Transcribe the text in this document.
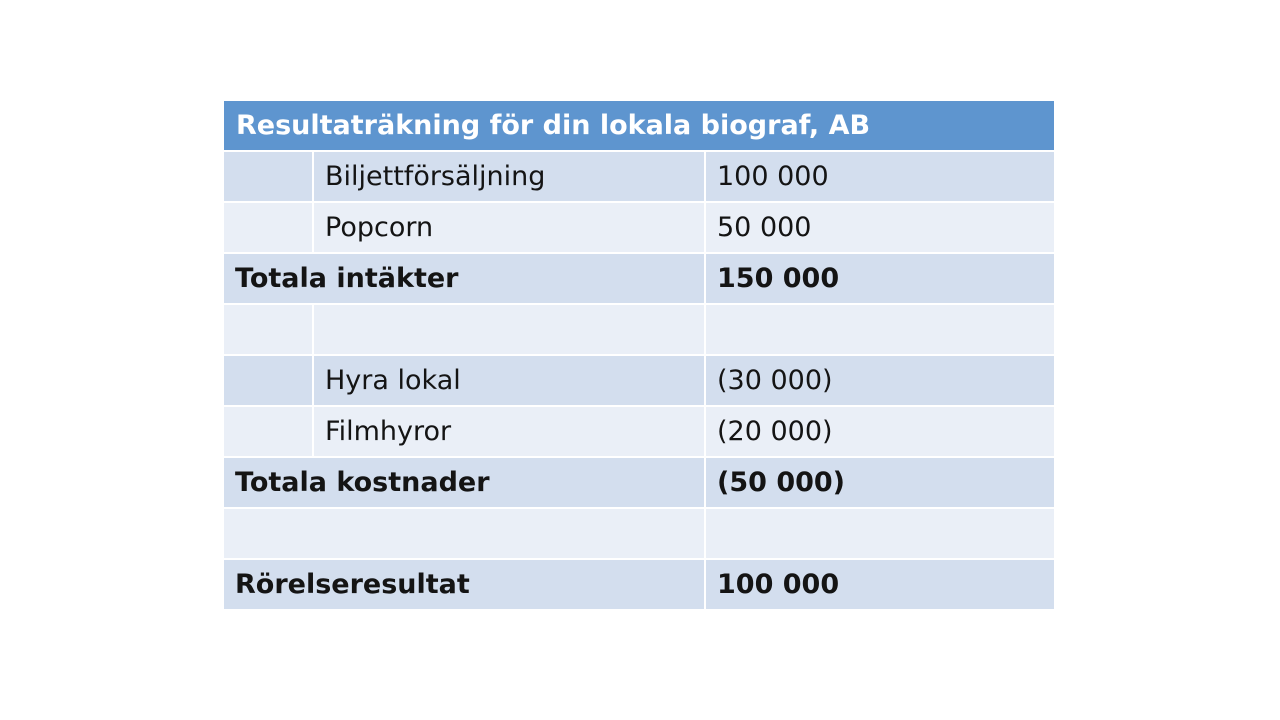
Resultaträkning för din lokala biograf, AB		
	Biljettförsäljning	100 000
	Popcorn	50 000
Totala intäkter		150 000

	Hyra lokal	(30 000)
	Filmhyror	(20 000)
Totala kostnader		(50 000)

Rörelseresultat		100 000
